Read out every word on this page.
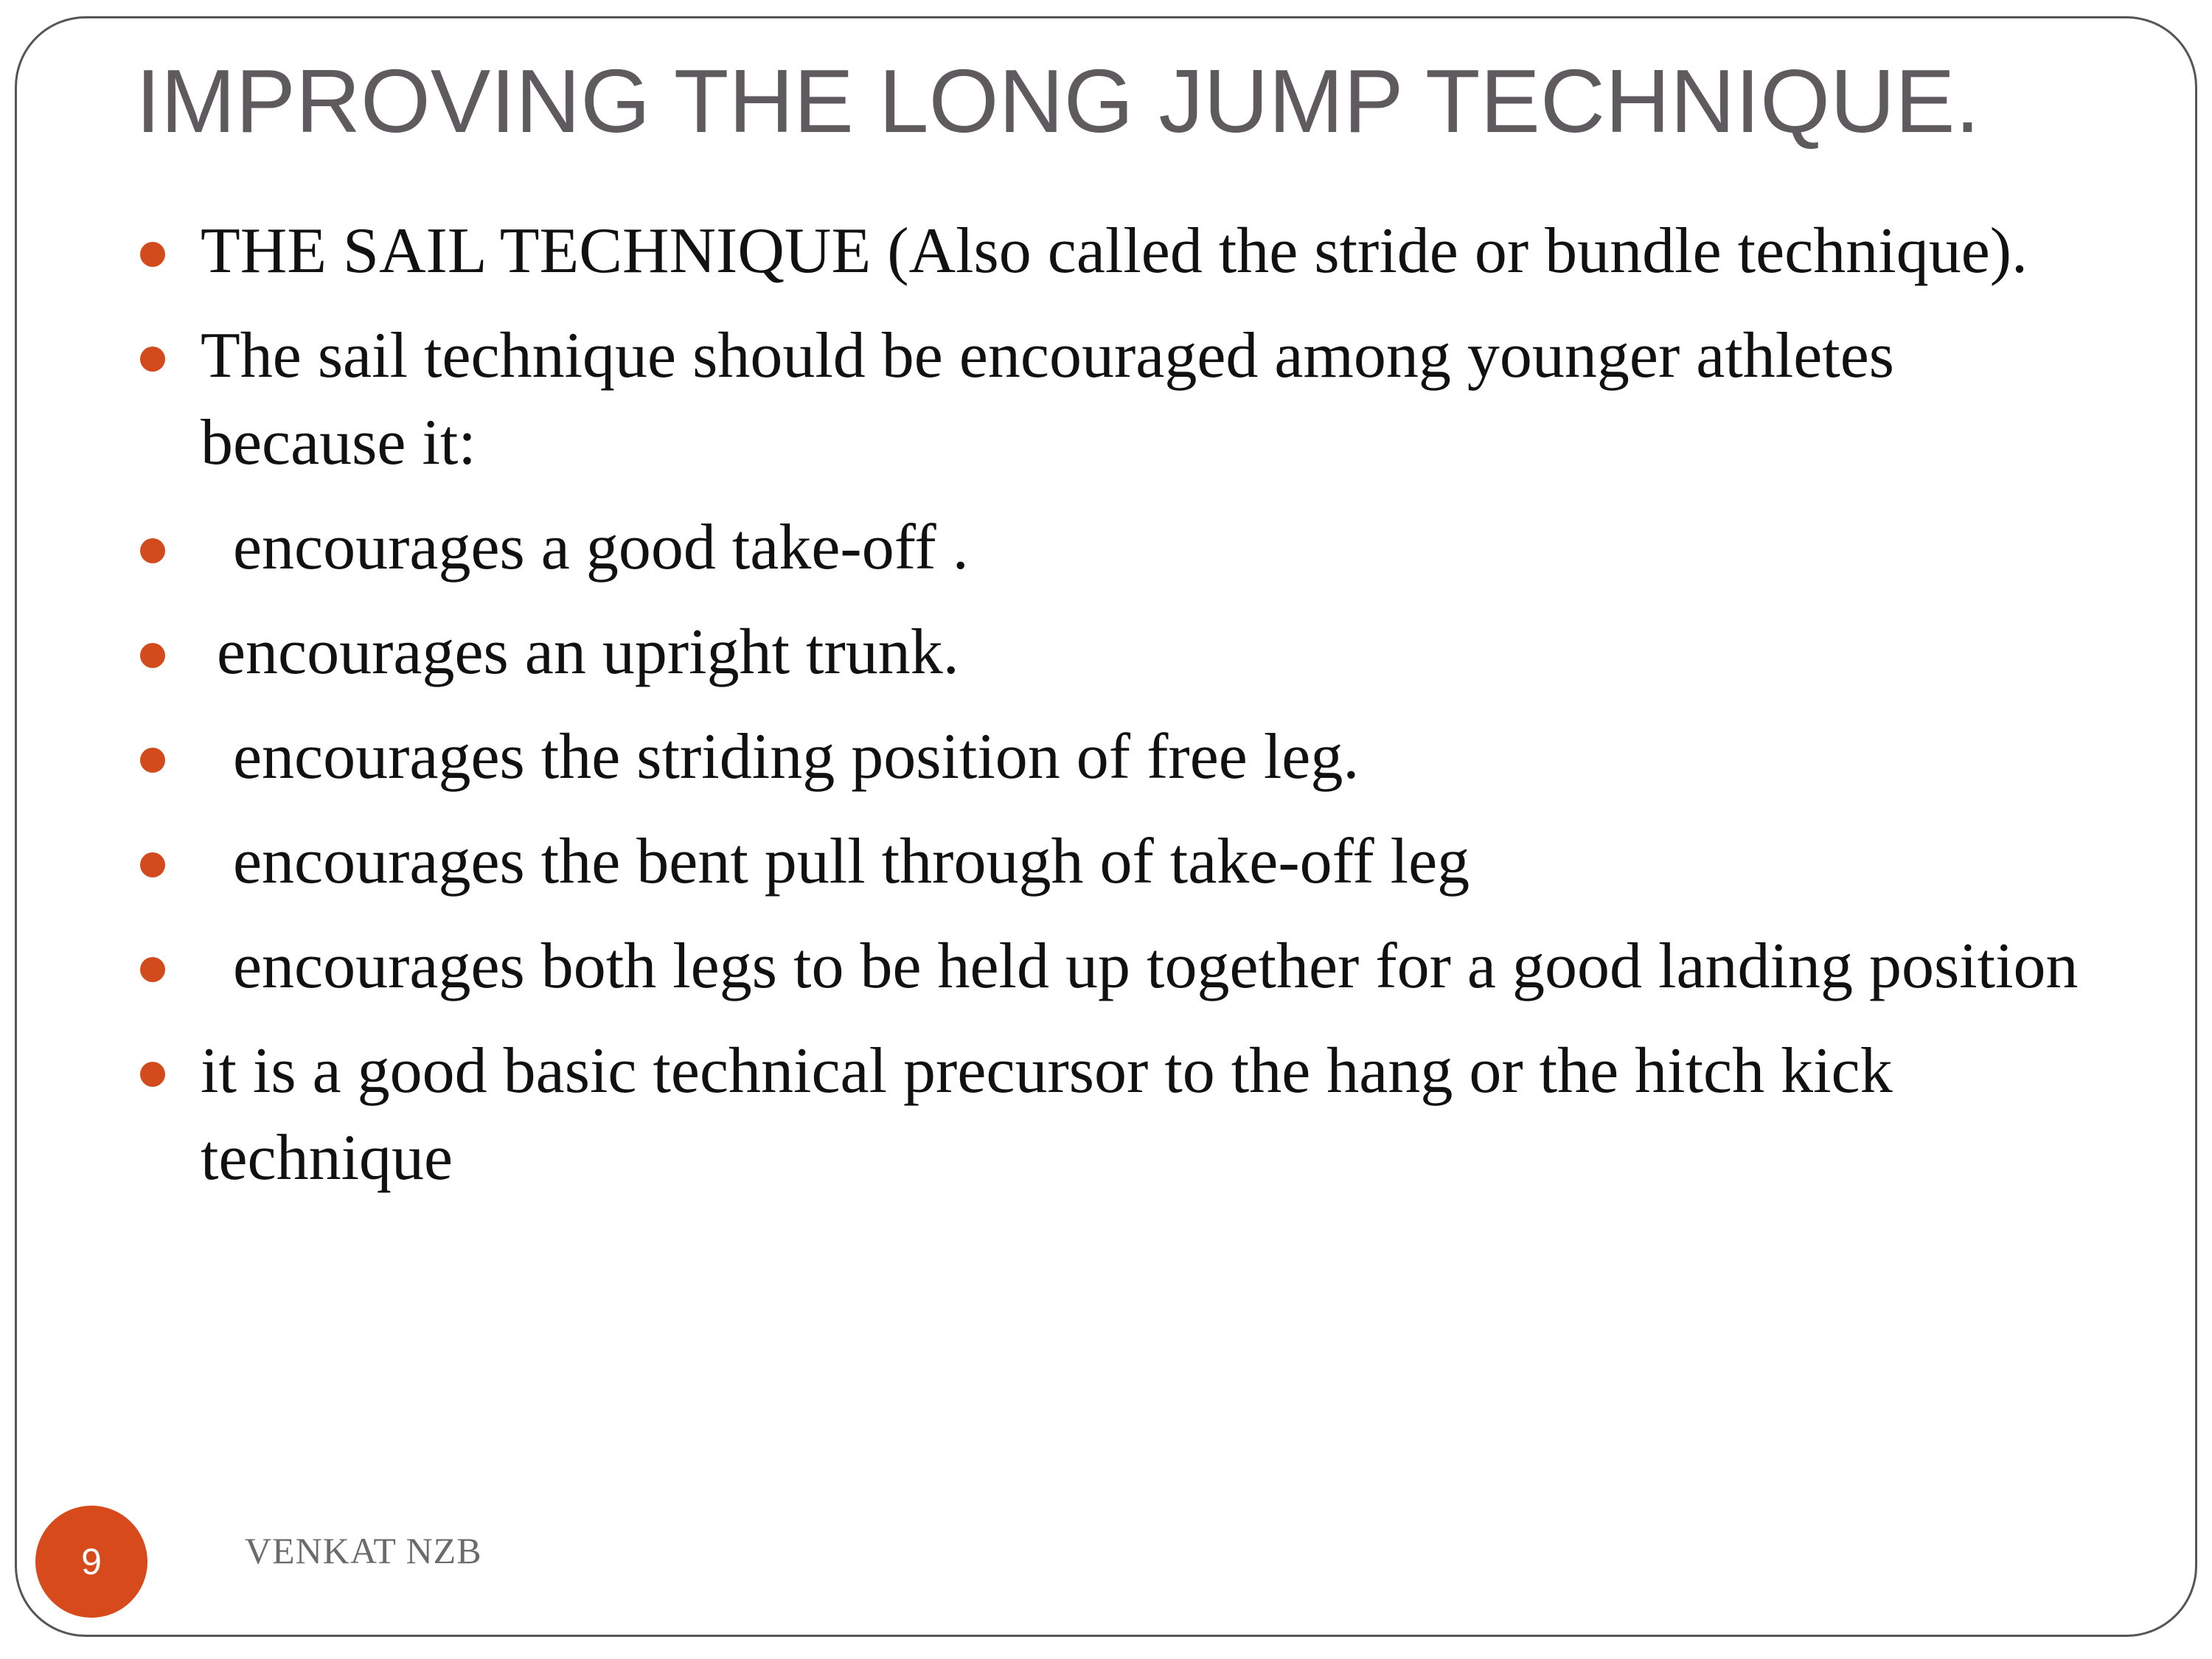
IMPROVING THE LONG JUMP TECHNIQUE.
THE SAIL TECHNIQUE (Also called the stride or bundle technique).
The sail technique should be encouraged among younger athletes because it:
encourages a good take-off .
encourages an upright trunk.
encourages the striding position of free leg.
encourages the bent pull through of take-off leg
encourages both legs to be held up together for a good landing position
it is a good basic technical precursor to the hang or the hitch kick technique
9	VENKAT NZB
